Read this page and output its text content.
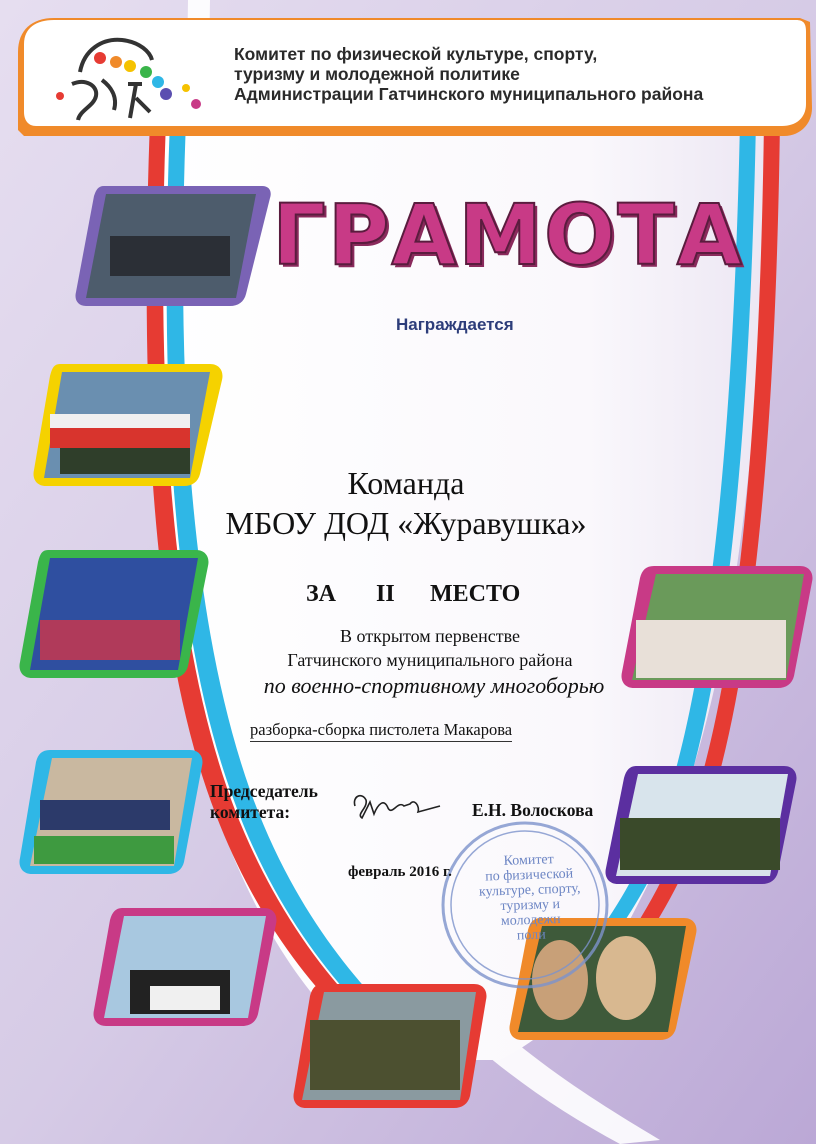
Комитет по физической культуре, спорту,
туризму и молодежной политике
Администрации Гатчинского муниципального района
ГРАМОТА
Награждается
Команда
МБОУ ДОД «Журавушка»
ЗА II МЕСТО
В открытом первенстве
Гатчинского муниципального района
по военно-спортивному многоборью
разборка-сборка пистолета Макарова
Председатель
комитета:	Е.Н. Волоскова
февраль 2016 г.
Комитет
по физической
культуре, спорту,
туризму и
молодежн
поли
